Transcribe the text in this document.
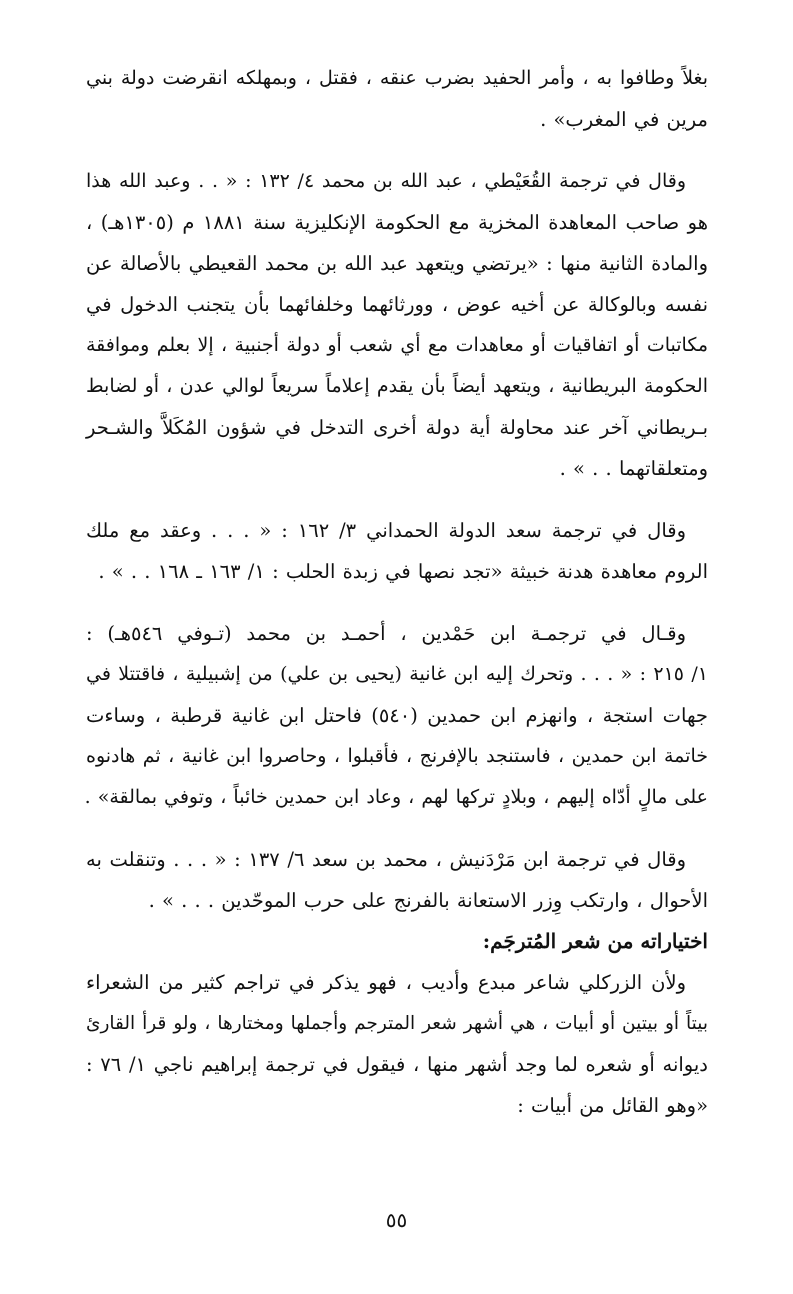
بغلاً وطافوا به ، وأمر الحفيد بضرب عنقه ، فقتل ، وبمهلكه انقرضت دولة بني
مرين في المغرب» .

وقال في ترجمة القُعَيْطي ، عبد الله بن محمد ٤/ ١٣٢ : « . . وعبد الله هذا
هو صاحب المعاهدة المخزية مع الحكومة الإنكليزية سنة ١٨٨١ م (١٣٠٥هـ) ،
والمادة الثانية منها : «يرتضي ويتعهد عبد الله بن محمد القعيطي بالأصالة عن
نفسه وبالوكالة عن أخيه عوض ، وورثائهما وخلفائهما بأن يتجنب الدخول في
مكاتبات أو اتفاقيات أو معاهدات مع أي شعب أو دولة أجنبية ، إلا بعلم وموافقة
الحكومة البريطانية ، ويتعهد أيضاً بأن يقدم إعلاماً سريعاً لوالي عدن ، أو لضابط
بـريطاني آخر عند محاولة أية دولة أخرى التدخل في شؤون المُكَلاَّ والشـحر
ومتعلقاتهما . . » .

وقال في ترجمة سعد الدولة الحمداني ٣/ ١٦٢ : « . . . وعقد مع ملك
الروم معاهدة هدنة خبيثة «تجد نصها في زبدة الحلب : ١/ ١٦٣ ـ ١٦٨ . . » .

وقـال في ترجمـة ابن حَمْدين ، أحمـد بن محمد (تـوفي ٥٤٦هـ) :
١/ ٢١٥ : « . . . وتحرك إليه ابن غانية (يحيى بن علي) من إشبيلية ، فاقتتلا في
جهات استجة ، وانهزم ابن حمدين (٥٤٠) فاحتل ابن غانية قرطبة ، وساءت
خاتمة ابن حمدين ، فاستنجد بالإفرنج ، فأقبلوا ، وحاصروا ابن غانية ، ثم هادنوه
على مالٍ أدّاه إليهم ، وبلادٍ تركها لهم ، وعاد ابن حمدين خائباً ، وتوفي بمالقة» .

وقال في ترجمة ابن مَرْدَنيش ، محمد بن سعد ٦/ ١٣٧ : « . . . وتنقلت به
الأحوال ، وارتكب وِزر الاستعانة بالفرنج على حرب الموحّدين . . . » .

اختياراته من شعر المُترجَم:

ولأن الزركلي شاعر مبدع وأديب ، فهو يذكر في تراجم كثير من الشعراء
بيتاً أو بيتين أو أبيات ، هي أشهر شعر المترجم وأجملها ومختارها ، ولو قرأ القارئ
ديوانه أو شعره لما وجد أشهر منها ، فيقول في ترجمة إبراهيم ناجي ١/ ٧٦ :
«وهو القائل من أبيات :

٥٥
